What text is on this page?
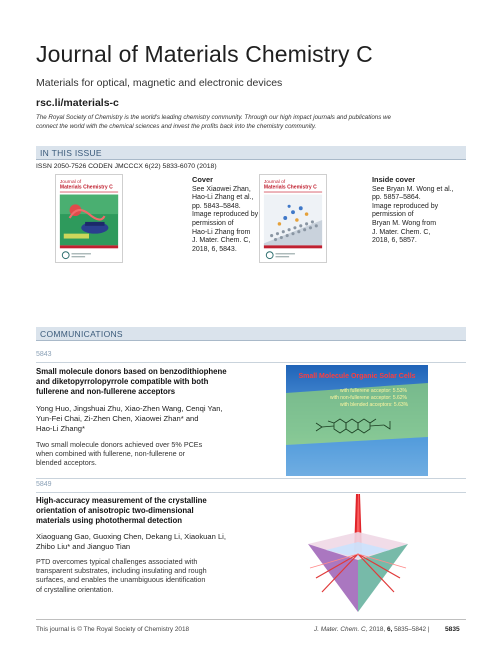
Journal of Materials Chemistry C
Materials for optical, magnetic and electronic devices
rsc.li/materials-c
The Royal Society of Chemistry is the world's leading chemistry community. Through our high impact journals and publications we
connect the world with the chemical sciences and invest the profits back into the chemistry community.
IN THIS ISSUE
ISSN 2050-7526 CODEN JMCCCX 6(22) 5833-6070 (2018)
Journal of
Materials Chemistry C
Cover
See Xiaowei Zhan,
Hao-Li Zhang et al.,
pp. 5843–5848.
Image reproduced by
permission of
Hao-Li Zhang from
J. Mater. Chem. C,
2018, 6, 5843.
Journal of
Materials Chemistry C
Inside cover
See Bryan M. Wong et al.,
pp. 5857–5864.
Image reproduced by
permission of
Bryan M. Wong from
J. Mater. Chem. C,
2018, 6, 5857.
COMMUNICATIONS
5843
Small molecule donors based on benzodithiophene
and diketopyrrolopyrrole compatible with both
fullerene and non-fullerene acceptors
Yong Huo, Jingshuai Zhu, Xiao-Zhen Wang, Cenqi Yan,
Yun-Fei Chai, Zi-Zhen Chen, Xiaowei Zhan* and
Hao-Li Zhang*
Two small molecule donors achieved over 5% PCEs
when combined with fullerene, non-fullerene or
blended acceptors.
Small Molecule Organic Solar Cells
with fullerene acceptor: 5.53%
with non-fullerene acceptor: 5.62%
with blended acceptors: 5.63%
5849
High-accuracy measurement of the crystalline
orientation of anisotropic two-dimensional
materials using photothermal detection
Xiaoguang Gao, Guoxing Chen, Dekang Li, Xiaokuan Li,
Zhibo Liu* and Jianguo Tian
PTD overcomes typical challenges associated with
transparent substrates, including insulating and rough
surfaces, and enables the unambiguous identification
of crystalline orientation.
This journal is © The Royal Society of Chemistry 2018	J. Mater. Chem. C, 2018, 6, 5835–5842 | 5835
